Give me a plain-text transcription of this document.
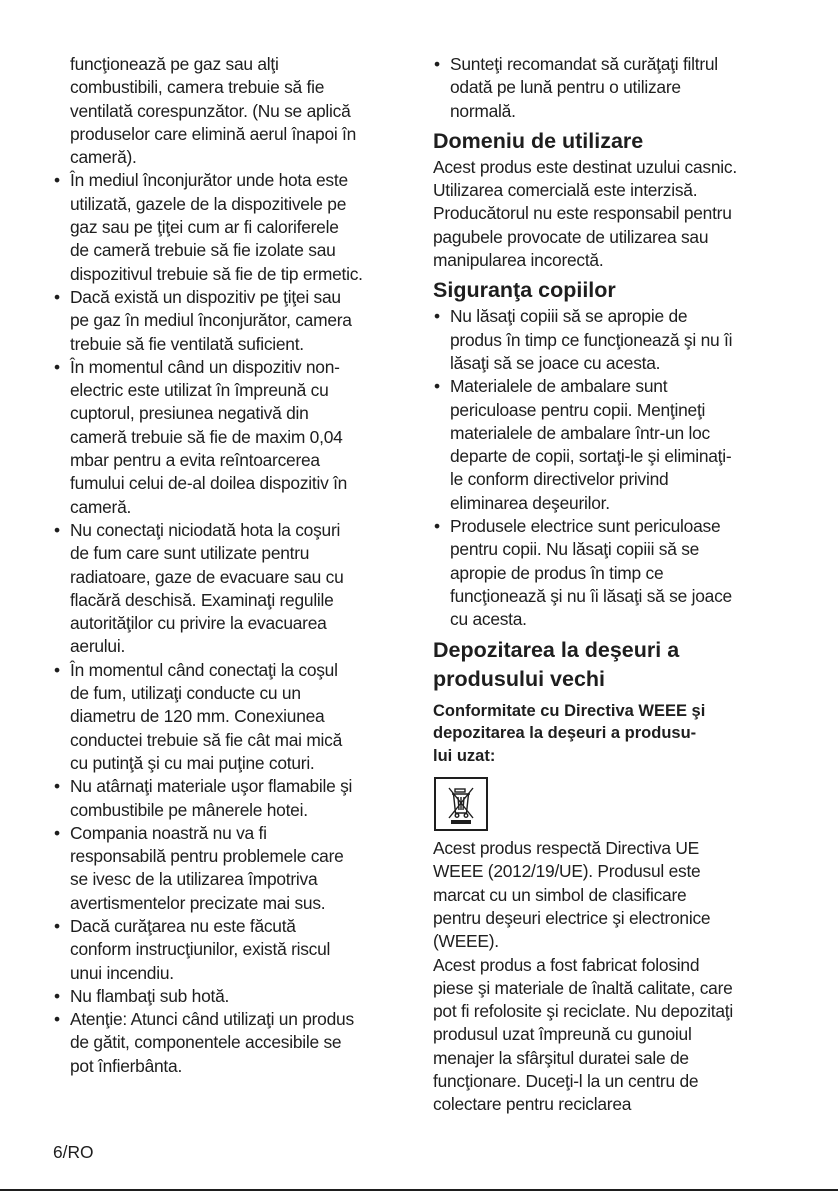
funcţionează pe gaz sau alţi
combustibili, camera trebuie să fie
ventilată corespunzător. (Nu se aplică
produselor care elimină aerul înapoi în
cameră).
• În mediul înconjurător unde hota este
utilizată, gazele de la dispozitivele pe
gaz sau pe ţiţei cum ar fi caloriferele
de cameră trebuie să fie izolate sau
dispozitivul trebuie să fie de tip ermetic.
• Dacă există un dispozitiv pe ţiţei sau
pe gaz în mediul înconjurător, camera
trebuie să fie ventilată suficient.
• În momentul când un dispozitiv non-
electric este utilizat în împreună cu
cuptorul, presiunea negativă din
cameră trebuie să fie de maxim 0,04
mbar pentru a evita reîntoarcerea
fumului celui de-al doilea dispozitiv în
cameră.
• Nu conectaţi niciodată hota la coşuri
de fum care sunt utilizate pentru
radiatoare, gaze de evacuare sau cu
flacără deschisă. Examinaţi regulile
autorităţilor cu privire la evacuarea
aerului.
• În momentul când conectaţi la coşul
de fum, utilizaţi conducte cu un
diametru de 120 mm. Conexiunea
conductei trebuie să fie cât mai mică
cu putinţă şi cu mai puţine coturi.
• Nu atârnaţi materiale uşor flamabile şi
combustibile pe mânerele hotei.
• Compania noastră nu va fi
responsabilă pentru problemele care
se ivesc de la utilizarea împotriva
avertismentelor precizate mai sus.
• Dacă curăţarea nu este făcută
conform instrucţiunilor, există riscul
unui incendiu.
• Nu flambaţi sub hotă.
• Atenţie: Atunci când utilizaţi un produs
de gătit, componentele accesibile se
pot înfierbânta.
• Sunteţi recomandat să curăţaţi filtrul
odată pe lună pentru o utilizare
normală.
Domeniu de utilizare
Acest produs este destinat uzului casnic.
Utilizarea comercială este interzisă.
Producătorul nu este responsabil pentru
pagubele provocate de utilizarea sau
manipularea incorectă.
Siguranţa copiilor
• Nu lăsaţi copiii să se apropie de
produs în timp ce funcţionează şi nu îi
lăsaţi să se joace cu acesta.
• Materialele de ambalare sunt
periculoase pentru copii. Menţineţi
materialele de ambalare într-un loc
departe de copii, sortaţi-le şi eliminaţi-
le conform directivelor privind
eliminarea deşeurilor.
• Produsele electrice sunt periculoase
pentru copii. Nu lăsaţi copiii să se
apropie de produs în timp ce
funcţionează şi nu îi lăsaţi să se joace
cu acesta.
Depozitarea la deşeuri a
produsului vechi
Conformitate cu Directiva WEEE şi
depozitarea la deşeuri a produsu-
lui uzat:
Acest produs respectă Directiva UE
WEEE (2012/19/UE). Produsul este
marcat cu un simbol de clasificare
pentru deşeuri electrice şi electronice
(WEEE).
Acest produs a fost fabricat folosind
piese şi materiale de înaltă calitate, care
pot fi refolosite şi reciclate. Nu depozitaţi
produsul uzat împreună cu gunoiul
menajer la sfârşitul duratei sale de
funcţionare. Duceţi-l la un centru de
colectare pentru reciclarea
6/RO
